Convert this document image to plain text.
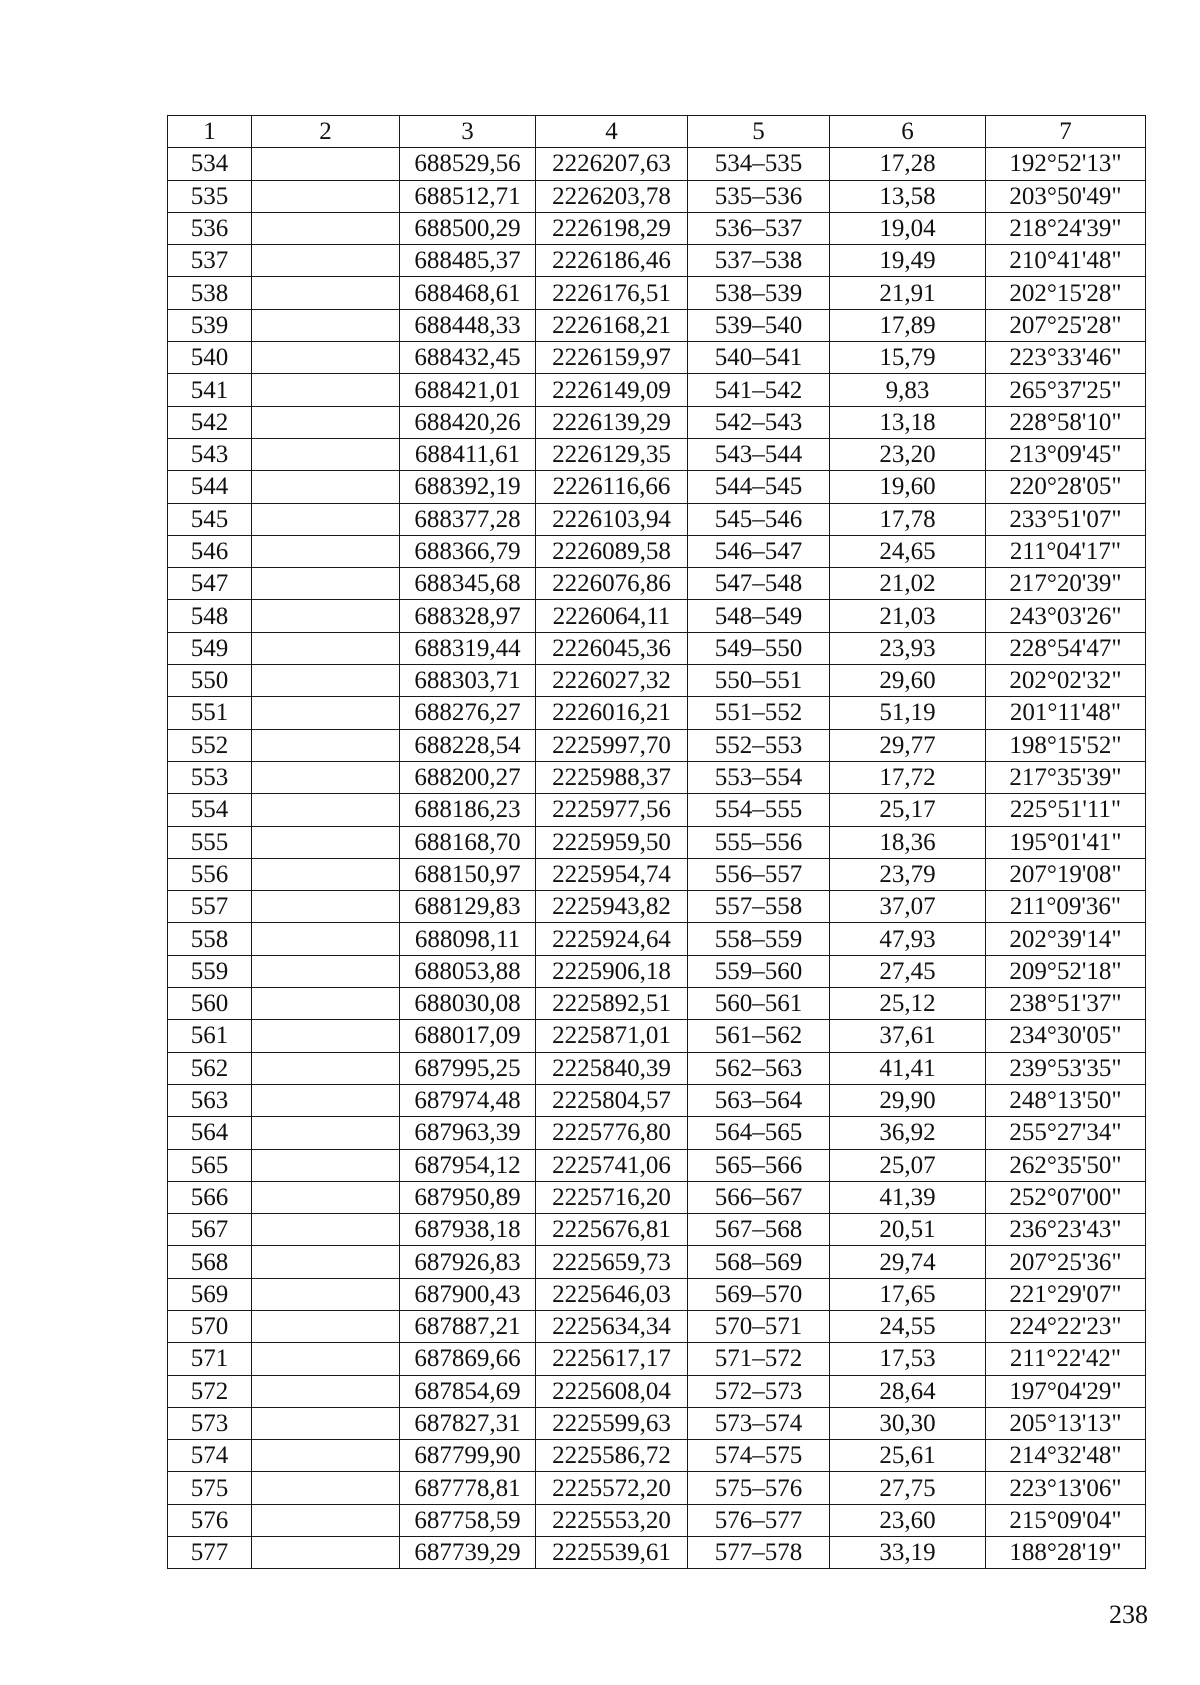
1	2	3	4	5	6	7
534		688529,56	2226207,63	534–535	17,28	192°52'13"
535		688512,71	2226203,78	535–536	13,58	203°50'49"
536		688500,29	2226198,29	536–537	19,04	218°24'39"
537		688485,37	2226186,46	537–538	19,49	210°41'48"
538		688468,61	2226176,51	538–539	21,91	202°15'28"
539		688448,33	2226168,21	539–540	17,89	207°25'28"
540		688432,45	2226159,97	540–541	15,79	223°33'46"
541		688421,01	2226149,09	541–542	9,83	265°37'25"
542		688420,26	2226139,29	542–543	13,18	228°58'10"
543		688411,61	2226129,35	543–544	23,20	213°09'45"
544		688392,19	2226116,66	544–545	19,60	220°28'05"
545		688377,28	2226103,94	545–546	17,78	233°51'07"
546		688366,79	2226089,58	546–547	24,65	211°04'17"
547		688345,68	2226076,86	547–548	21,02	217°20'39"
548		688328,97	2226064,11	548–549	21,03	243°03'26"
549		688319,44	2226045,36	549–550	23,93	228°54'47"
550		688303,71	2226027,32	550–551	29,60	202°02'32"
551		688276,27	2226016,21	551–552	51,19	201°11'48"
552		688228,54	2225997,70	552–553	29,77	198°15'52"
553		688200,27	2225988,37	553–554	17,72	217°35'39"
554		688186,23	2225977,56	554–555	25,17	225°51'11"
555		688168,70	2225959,50	555–556	18,36	195°01'41"
556		688150,97	2225954,74	556–557	23,79	207°19'08"
557		688129,83	2225943,82	557–558	37,07	211°09'36"
558		688098,11	2225924,64	558–559	47,93	202°39'14"
559		688053,88	2225906,18	559–560	27,45	209°52'18"
560		688030,08	2225892,51	560–561	25,12	238°51'37"
561		688017,09	2225871,01	561–562	37,61	234°30'05"
562		687995,25	2225840,39	562–563	41,41	239°53'35"
563		687974,48	2225804,57	563–564	29,90	248°13'50"
564		687963,39	2225776,80	564–565	36,92	255°27'34"
565		687954,12	2225741,06	565–566	25,07	262°35'50"
566		687950,89	2225716,20	566–567	41,39	252°07'00"
567		687938,18	2225676,81	567–568	20,51	236°23'43"
568		687926,83	2225659,73	568–569	29,74	207°25'36"
569		687900,43	2225646,03	569–570	17,65	221°29'07"
570		687887,21	2225634,34	570–571	24,55	224°22'23"
571		687869,66	2225617,17	571–572	17,53	211°22'42"
572		687854,69	2225608,04	572–573	28,64	197°04'29"
573		687827,31	2225599,63	573–574	30,30	205°13'13"
574		687799,90	2225586,72	574–575	25,61	214°32'48"
575		687778,81	2225572,20	575–576	27,75	223°13'06"
576		687758,59	2225553,20	576–577	23,60	215°09'04"
577		687739,29	2225539,61	577–578	33,19	188°28'19"
238
